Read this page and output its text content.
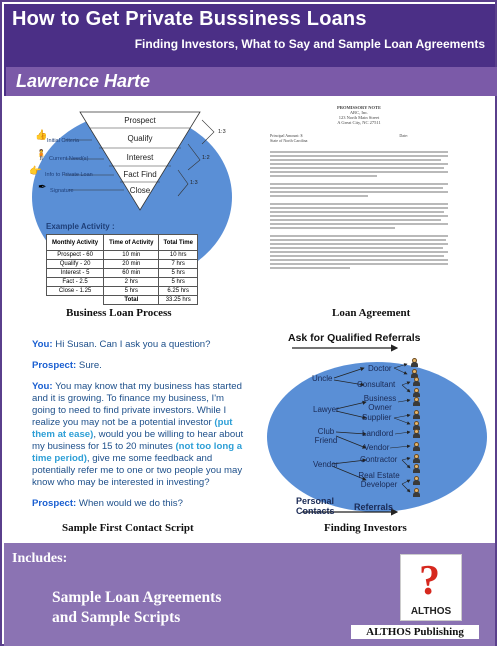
How to Get Private Bussiness Loans
Finding Investors, What to Say and Sample Loan Agreements
Lawrence Harte
Prospect
Qualify
Interest
Fact Find
Close
👍
🧍
👉
✒
Initial Criteria
Current Need(s)
Info to Private Loan
Signature
1:3
1:2
1:3
Example Activity :
Monthly Activity	Time of Activity	Total Time
Prospect - 60	10 min	10 hrs
Qualify - 20	20 min	7 hrs
Interest - 5	60 min	5 hrs
Fact - 2.5	2 hrs	5 hrs
Close - 1.25	5 hrs	6.25 hrs
	Total	33.25 hrs
Business Loan Process
PROMISSORY NOTE
ABC, Inc.
123 North Main Street
A Great City, NC 27511
Principal Amount: $	Date:
State of North Carolina
Loan Agreement

You: Hi Susan. Can I ask you a question?

Prospect: Sure.

You: You may know that my business has started and it is growing. To finance my business, I'm going to need to find private investors. While I realize you may not be a potential investor (put them at ease), would you be willing to hear about my business for 15 to 20 minutes (not too long a time period), give me some feedback and potentially refer me to one or two people you may know who may be interested in investing?

Prospect: When would we do this?

Sample First Contact Script
Ask for Qualified Referrals
Uncle
Lawyer
Club Friend
Vendor
Doctor
Consultant
Business Owner
Supplier
Landlord
Vendor
Contractor
Real Estate Developer
Personal Contacts	Referrals
Finding Investors
Includes:
Sample Loan Agreements
and Sample Scripts
?
ALTHOS
ALTHOS Publishing
